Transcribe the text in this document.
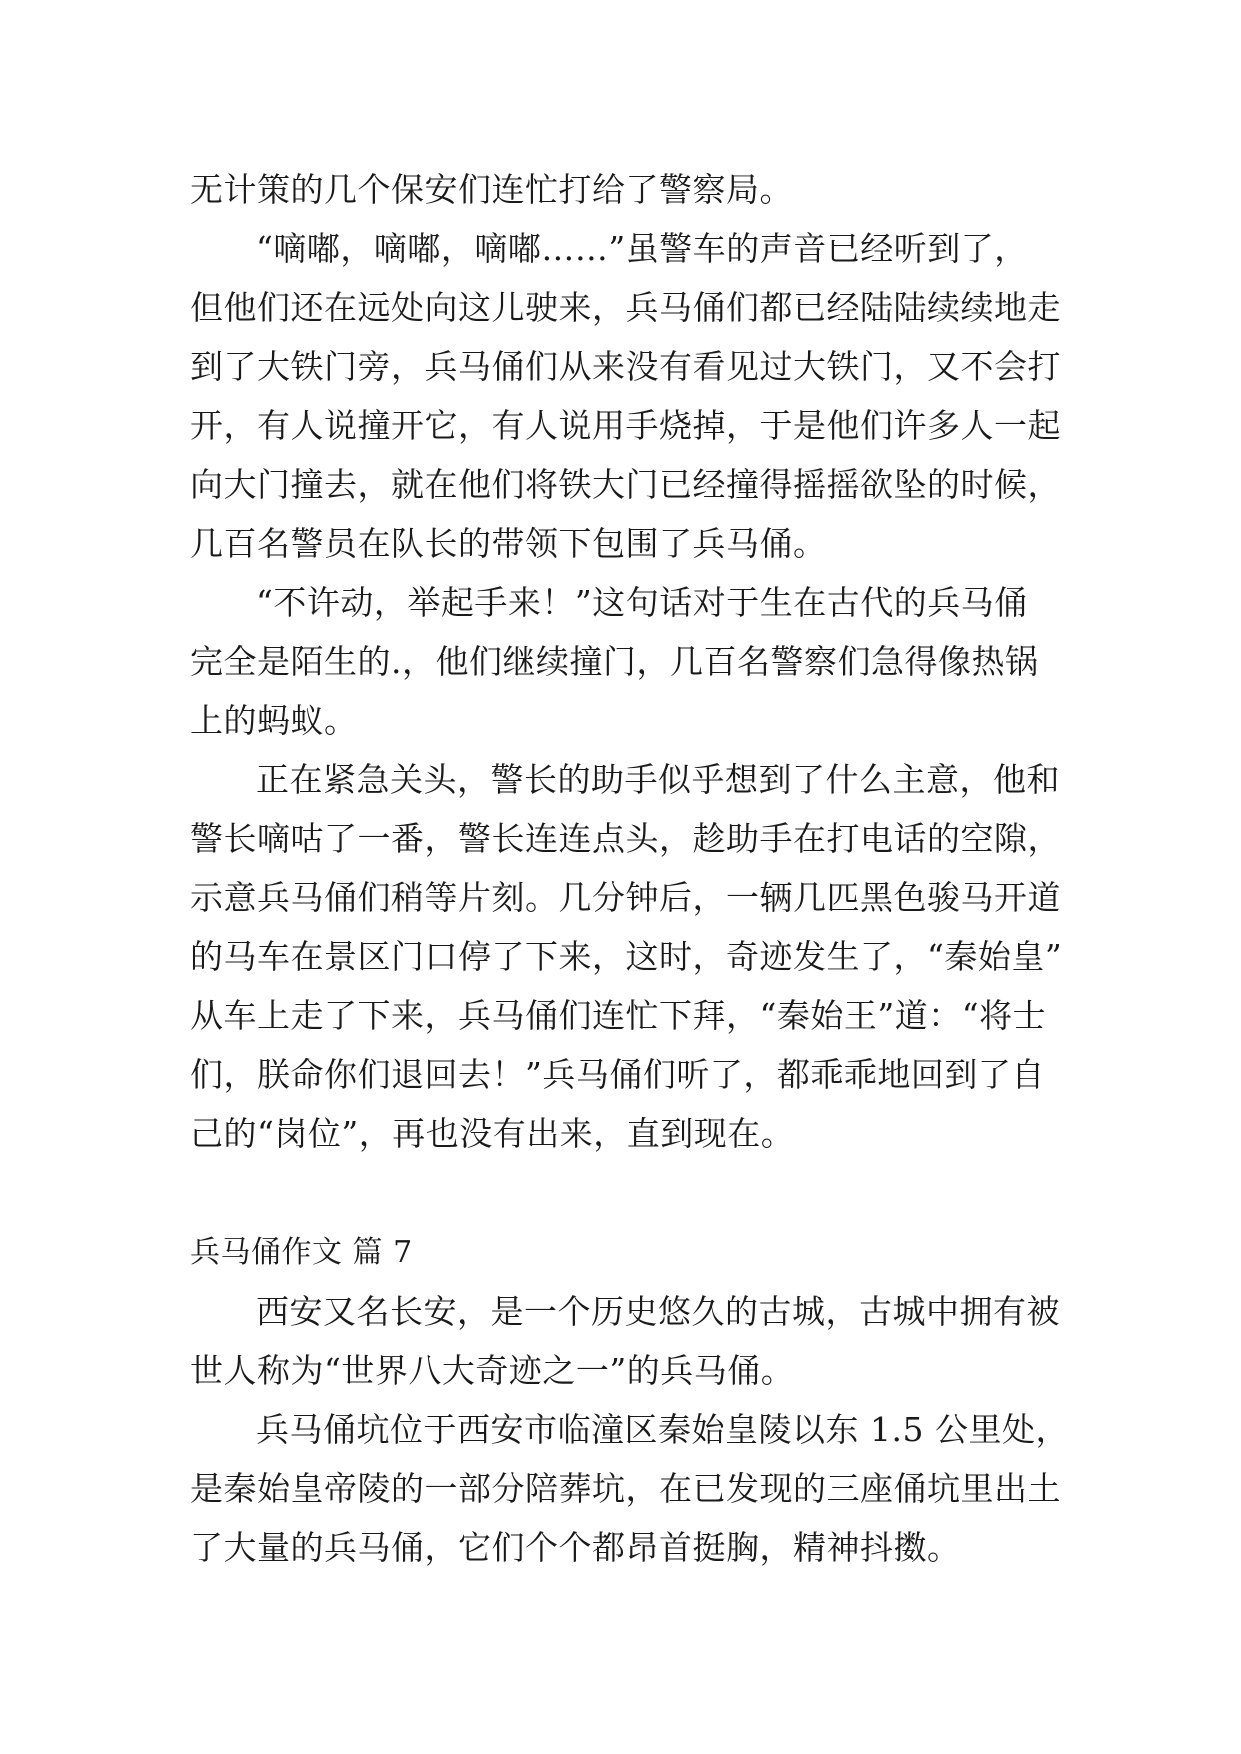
无计策的几个保安们连忙打给了警察局。
“嘀嘟，嘀嘟，嘀嘟……”虽警车的声音已经听到了，
但他们还在远处向这儿驶来，兵马俑们都已经陆陆续续地走
到了大铁门旁，兵马俑们从来没有看见过大铁门，又不会打
开，有人说撞开它，有人说用手烧掉，于是他们许多人一起
向大门撞去，就在他们将铁大门已经撞得摇摇欲坠的时候，
几百名警员在队长的带领下包围了兵马俑。
“不许动，举起手来！”这句话对于生在古代的兵马俑
完全是陌生的.，他们继续撞门，几百名警察们急得像热锅
上的蚂蚁。
正在紧急关头，警长的助手似乎想到了什么主意，他和
警长嘀咕了一番，警长连连点头，趁助手在打电话的空隙，
示意兵马俑们稍等片刻。几分钟后，一辆几匹黑色骏马开道
的马车在景区门口停了下来，这时，奇迹发生了，“秦始皇”
从车上走了下来，兵马俑们连忙下拜，“秦始王”道：“将士
们，朕命你们退回去！”兵马俑们听了，都乖乖地回到了自
己的“岗位”，再也没有出来，直到现在。
兵马俑作文 篇 7
西安又名长安，是一个历史悠久的古城，古城中拥有被
世人称为“世界八大奇迹之一”的兵马俑。
兵马俑坑位于西安市临潼区秦始皇陵以东 1.5 公里处，
是秦始皇帝陵的一部分陪葬坑，在已发现的三座俑坑里出土
了大量的兵马俑，它们个个都昂首挺胸，精神抖擞。
